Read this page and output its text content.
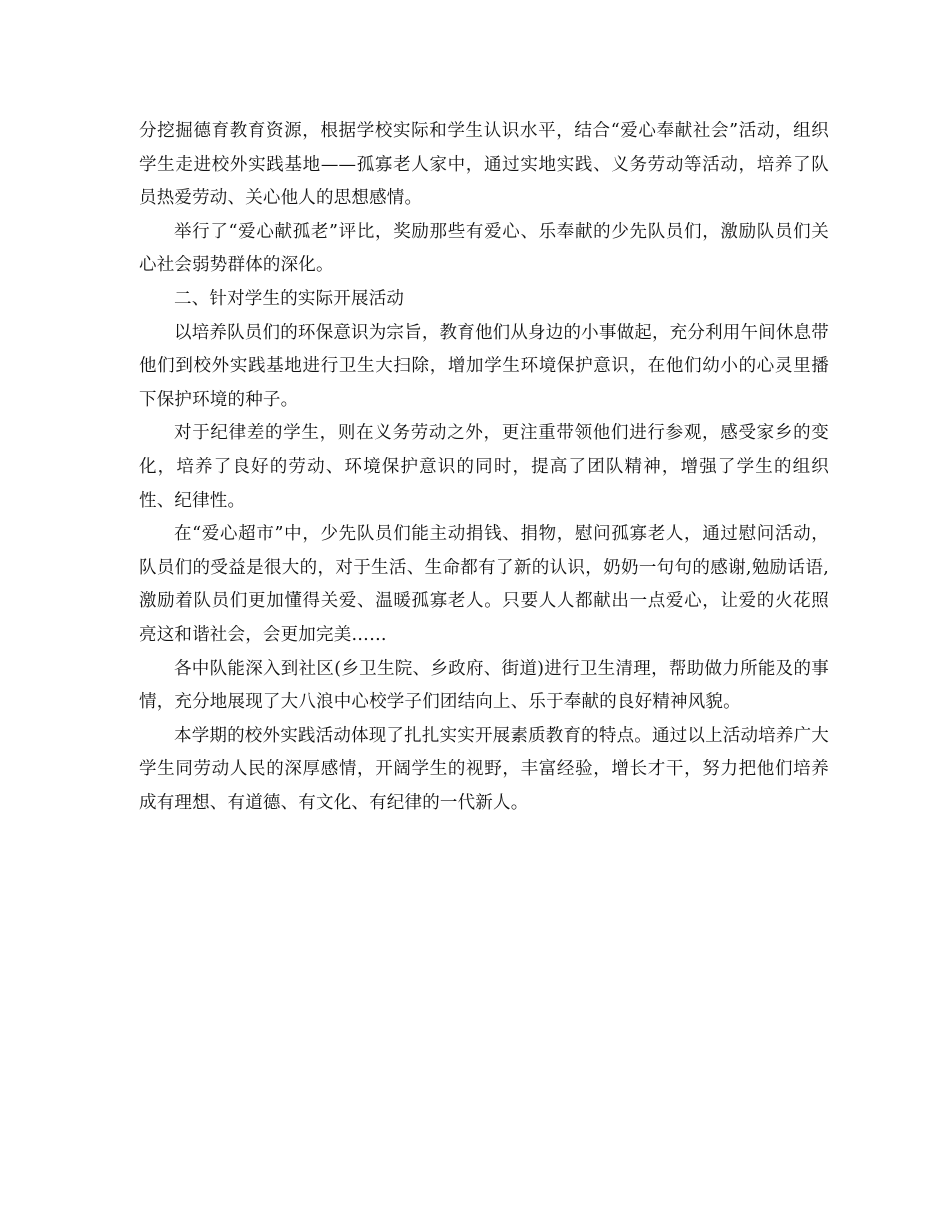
分挖掘德育教育资源，根据学校实际和学生认识水平，结合“爱心奉献社会”活动，组织学生走进校外实践基地——孤寡老人家中，通过实地实践、义务劳动等活动，培养了队员热爱劳动、关心他人的思想感情。

举行了“爱心献孤老”评比，奖励那些有爱心、乐奉献的少先队员们，激励队员们关心社会弱势群体的深化。

二、针对学生的实际开展活动

以培养队员们的环保意识为宗旨，教育他们从身边的小事做起，充分利用午间休息带他们到校外实践基地进行卫生大扫除，增加学生环境保护意识，在他们幼小的心灵里播下保护环境的种子。

对于纪律差的学生，则在义务劳动之外，更注重带领他们进行参观，感受家乡的变化，培养了良好的劳动、环境保护意识的同时，提高了团队精神，增强了学生的组织性、纪律性。

在“爱心超市”中，少先队员们能主动捐钱、捐物，慰问孤寡老人，通过慰问活动，队员们的受益是很大的，对于生活、生命都有了新的认识，奶奶一句句的感谢,勉励话语, 激励着队员们更加懂得关爱、温暖孤寡老人。只要人人都献出一点爱心，让爱的火花照亮这和谐社会，会更加完美……

各中队能深入到社区(乡卫生院、乡政府、街道)进行卫生清理，帮助做力所能及的事情，充分地展现了大八浪中心校学子们团结向上、乐于奉献的良好精神风貌。

本学期的校外实践活动体现了扎扎实实开展素质教育的特点。通过以上活动培养广大学生同劳动人民的深厚感情，开阔学生的视野，丰富经验，增长才干，努力把他们培养成有理想、有道德、有文化、有纪律的一代新人。
